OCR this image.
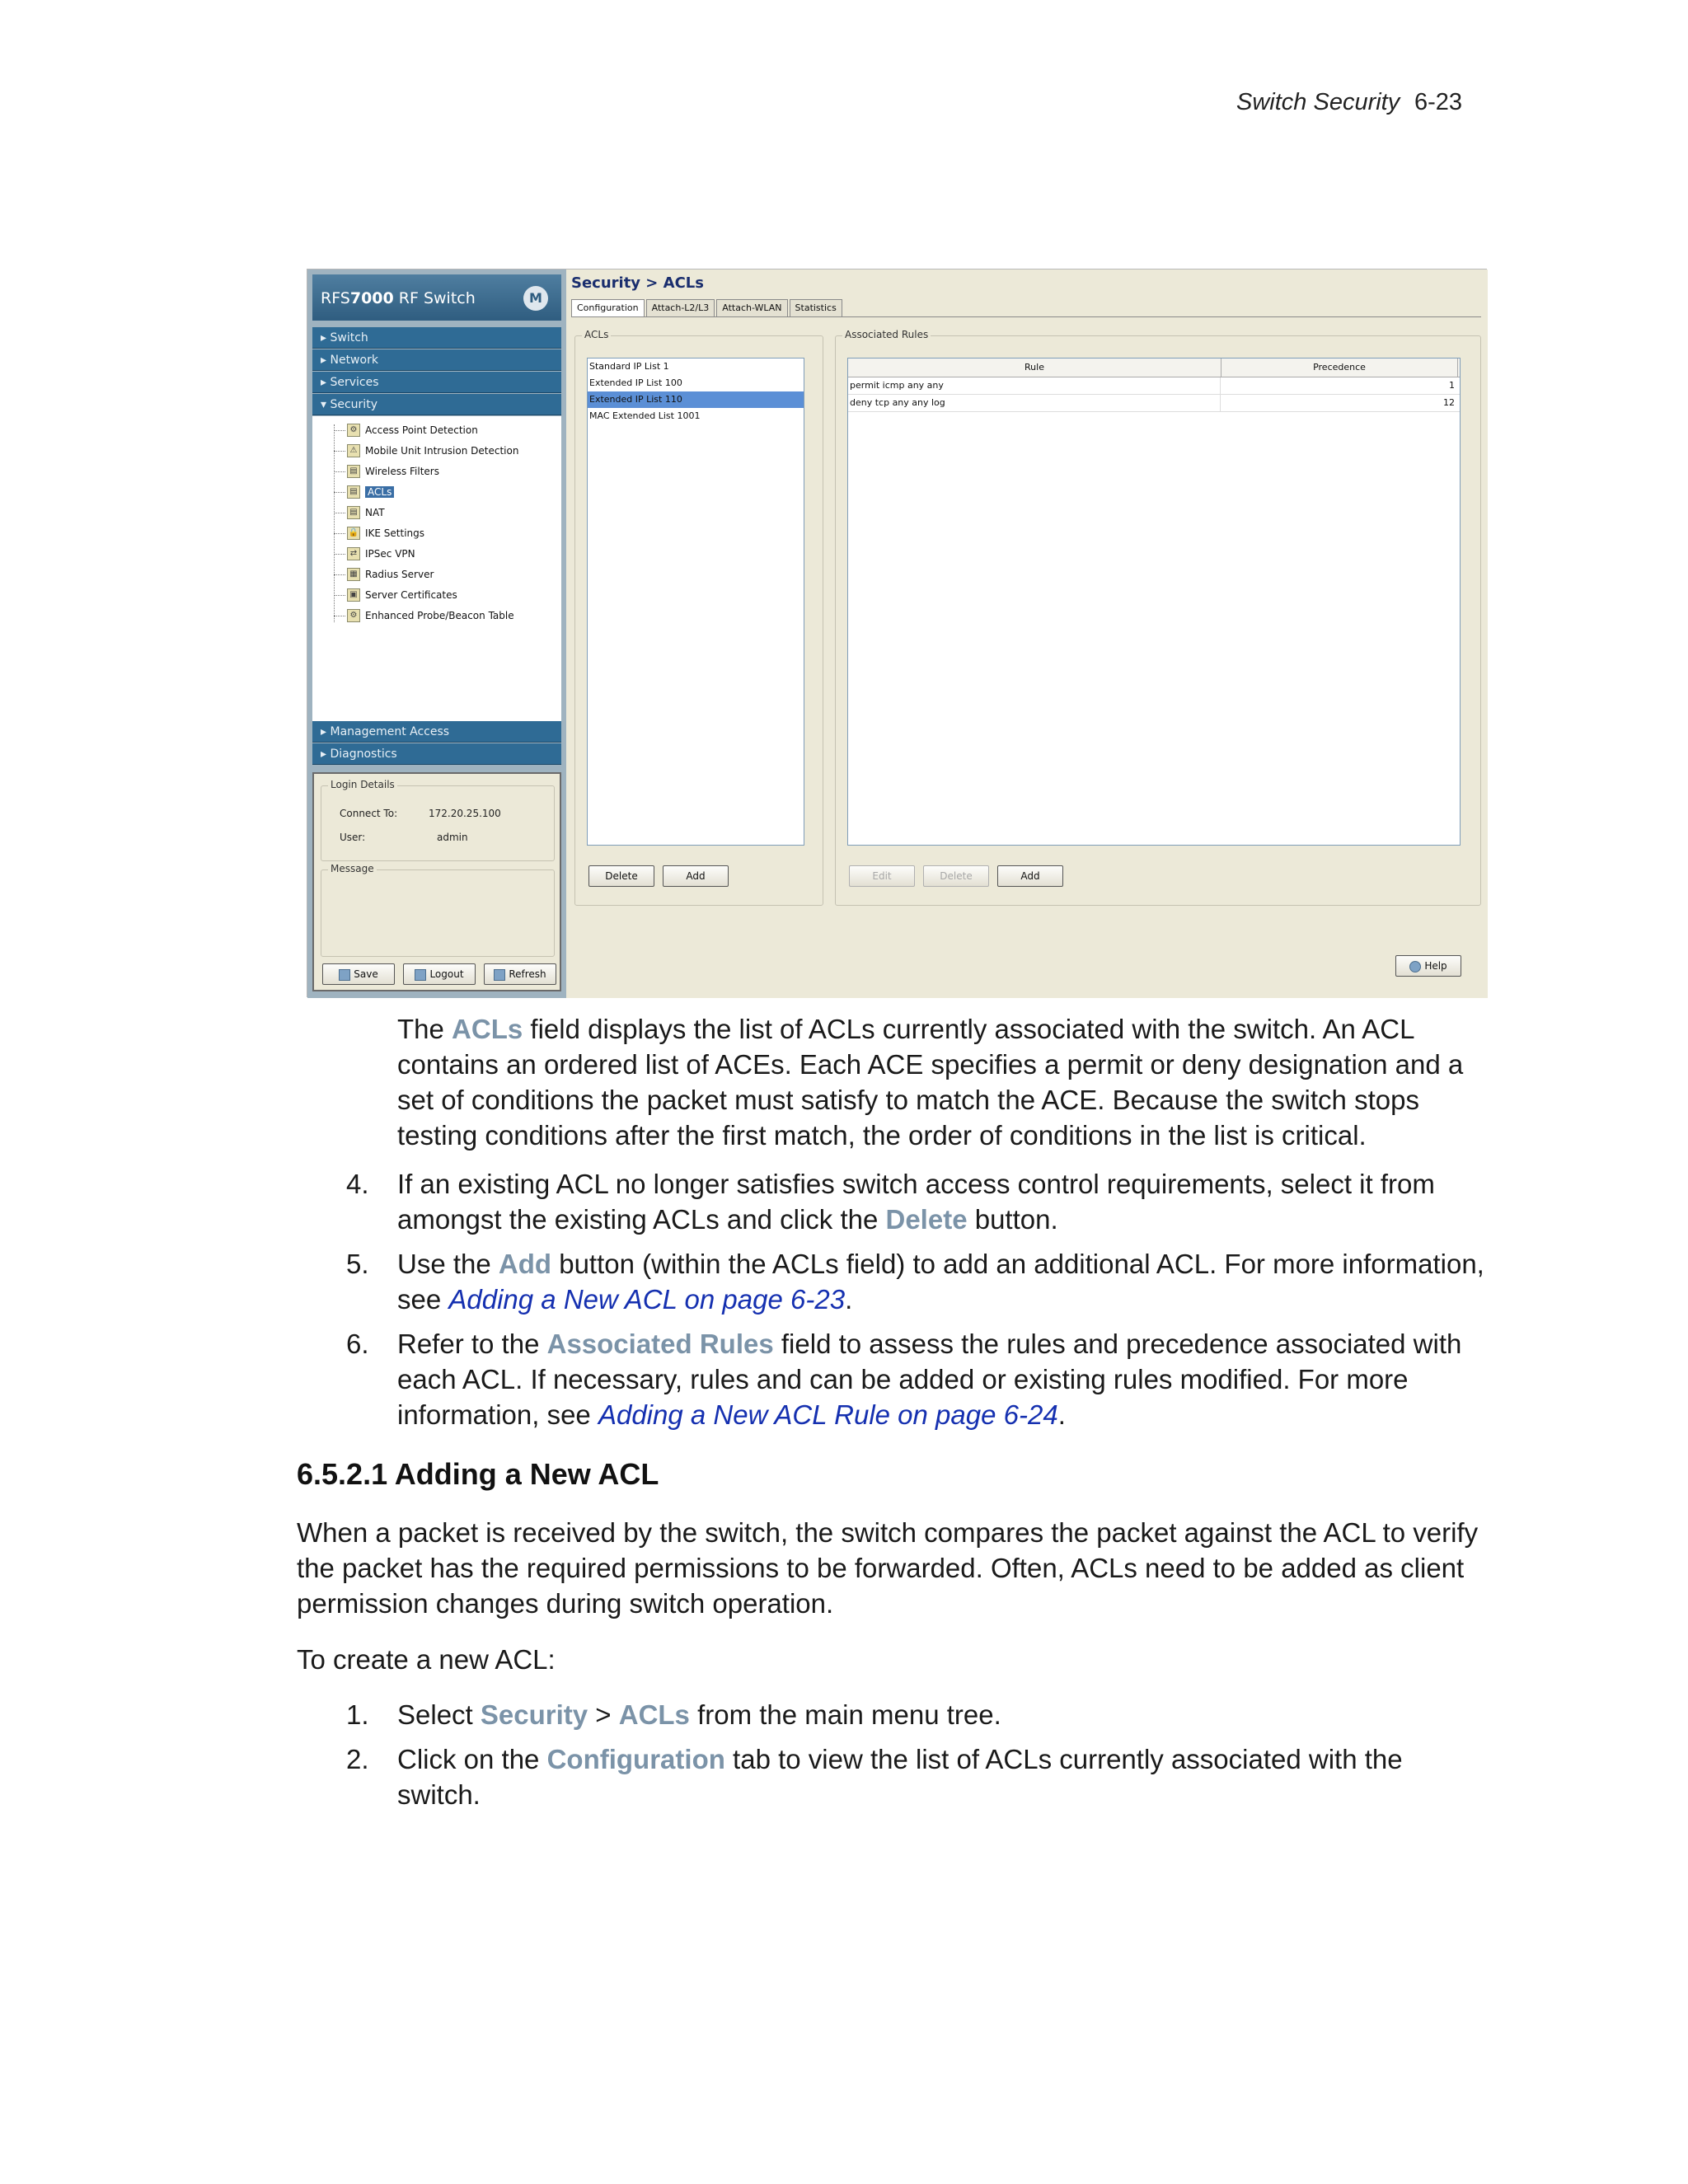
Switch Security 6-23
RFS7000 RF Switch	M
▸ Switch
▸ Network
▸ Services
▾ Security
⚙ Access Point Detection
⚠ Mobile Unit Intrusion Detection
▤ Wireless Filters
▤ ACLs
▤ NAT
🔒 IKE Settings
⇄ IPSec VPN
▦ Radius Server
▣ Server Certificates
⚙ Enhanced Probe/Beacon Table
▸ Management Access
▸ Diagnostics
Login Details
Connect To:	172.20.25.100
User:	admin
Message
Save	Logout	Refresh
Security > ACLs
Configuration	Attach-L2/L3	Attach-WLAN	Statistics
ACLs
Standard IP List 1
Extended IP List 100
Extended IP List 110
MAC Extended List 1001
Delete	Add
Associated Rules
Rule	Precedence
permit icmp any any	1
deny tcp any any log	12
Edit	Delete	Add
Help
The ACLs field displays the list of ACLs currently associated with the switch. An ACL contains an ordered list of ACEs. Each ACE specifies a permit or deny designation and a set of conditions the packet must satisfy to match the ACE. Because the switch stops testing conditions after the first match, the order of conditions in the list is critical.
4. If an existing ACL no longer satisfies switch access control requirements, select it from amongst the existing ACLs and click the Delete button.
5. Use the Add button (within the ACLs field) to add an additional ACL. For more information, see Adding a New ACL on page 6-23.
6. Refer to the Associated Rules field to assess the rules and precedence associated with each ACL. If necessary, rules and can be added or existing rules modified. For more information, see Adding a New ACL Rule on page 6-24.
6.5.2.1 Adding a New ACL
When a packet is received by the switch, the switch compares the packet against the ACL to verify the packet has the required permissions to be forwarded. Often, ACLs need to be added as client permission changes during switch operation.
To create a new ACL:
1. Select Security > ACLs from the main menu tree.
2. Click on the Configuration tab to view the list of ACLs currently associated with the switch.
